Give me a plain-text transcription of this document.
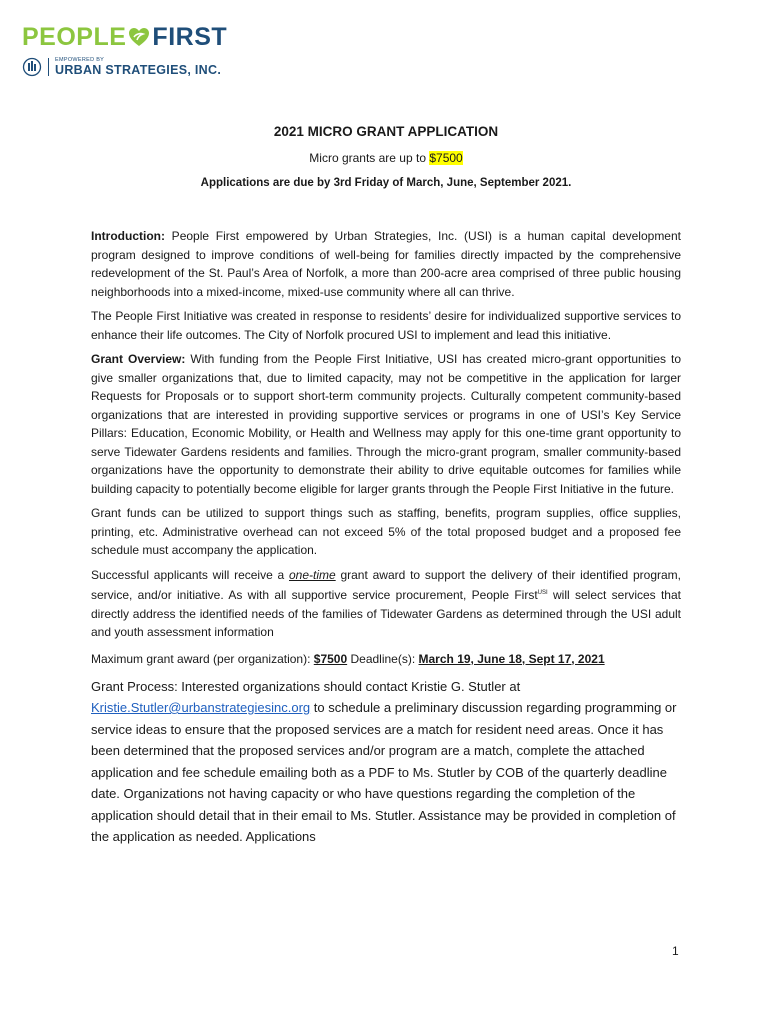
PEOPLE FIRST
EMPOWERED BY
URBAN STRATEGIES, INC.
2021 MICRO GRANT APPLICATION
Micro grants are up to $7500
Applications are due by 3rd Friday of March, June, September 2021.

Introduction: People First empowered by Urban Strategies, Inc. (USI) is a human capital development program designed to improve conditions of well-being for families directly impacted by the comprehensive redevelopment of the St. Paul’s Area of Norfolk, a more than 200-acre area comprised of three public housing neighborhoods into a mixed-income, mixed-use community where all can thrive.

The People First Initiative was created in response to residents’ desire for individualized supportive services to enhance their life outcomes. The City of Norfolk procured USI to implement and lead this initiative.

Grant Overview: With funding from the People First Initiative, USI has created micro-grant opportunities to give smaller organizations that, due to limited capacity, may not be competitive in the application for larger Requests for Proposals or to support short-term community projects. Culturally competent community-based organizations that are interested in providing supportive services or programs in one of USI’s Key Service Pillars: Education, Economic Mobility, or Health and Wellness may apply for this one-time grant opportunity to serve Tidewater Gardens residents and families. Through the micro-grant program, smaller community-based organizations have the opportunity to demonstrate their ability to drive equitable outcomes for families while building capacity to potentially become eligible for larger grants through the People First Initiative in the future.

Grant funds can be utilized to support things such as staffing, benefits, program supplies, office supplies, printing, etc. Administrative overhead can not exceed 5% of the total proposed budget and a proposed fee schedule must accompany the application.

Successful applicants will receive a one-time grant award to support the delivery of their identified program, service, and/or initiative. As with all supportive service procurement, People First$^{USI}$ will select services that directly address the identified needs of the families of Tidewater Gardens as determined through the USI adult and youth assessment information

Maximum grant award (per organization): $7500 Deadline(s): March 19, June 18, Sept 17, 2021

Grant Process: Interested organizations should contact Kristie G. Stutler at Kristie.Stutler@urbanstrategiesinc.org to schedule a preliminary discussion regarding programming or service ideas to ensure that the proposed services are a match for resident need areas. Once it has been determined that the proposed services and/or program are a match, complete the attached application and fee schedule emailing both as a PDF to Ms. Stutler by COB of the quarterly deadline date. Organizations not having capacity or who have questions regarding the completion of the application should detail that in their email to Ms. Stutler. Assistance may be provided in completion of the application as needed. Applications

1
